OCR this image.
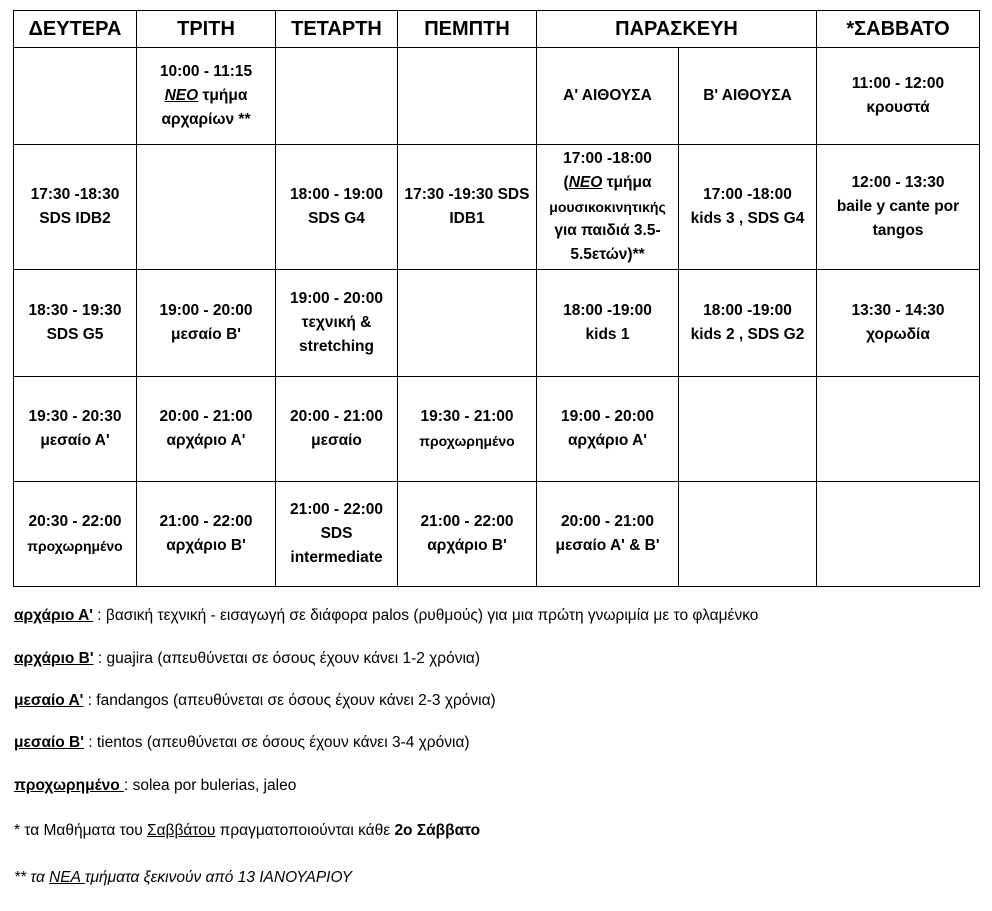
ΔΕΥΤΕΡΑ	ΤΡΙΤΗ	ΤΕΤΑΡΤΗ	ΠΕΜΠΤΗ	ΠΑΡΑΣΚΕΥΗ		*ΣΑΒΒΑΤΟ

	10:00 - 11:15
ΝΕΟ τμήμα
αρχαρίων **			Α' ΑΙΘΟΥΣΑ	Β' ΑΙΘΟΥΣΑ	11:00 - 12:00
κρουστά

17:30 -18:30
SDS IDB2		18:00 - 19:00
SDS G4	17:30 -19:30 SDS
IDB1	17:00 -18:00
(ΝΕΟ τμήμα
μουσικοκινητικής
για παιδιά 3.5-
5.5ετών)**	17:00 -18:00
kids 3 , SDS G4	12:00 - 13:30
baile y cante por
tangos

18:30 - 19:30
SDS G5	19:00 - 20:00
μεσαίο Β'	19:00 - 20:00
τεχνική &
stretching		18:00 -19:00
kids 1	18:00 -19:00
kids 2 , SDS G2	13:30 - 14:30
χορωδία

19:30 - 20:30
μεσαίο Α'	20:00 - 21:00
αρχάριο Α'	20:00 - 21:00
μεσαίο	19:30 - 21:00
προχωρημένο	19:00 - 20:00
αρχάριο Α'		

20:30 - 22:00
προχωρημένο	21:00 - 22:00
αρχάριο Β'	21:00 - 22:00
SDS
intermediate	21:00 - 22:00
αρχάριο Β'	20:00 - 21:00
μεσαίο Α' & Β'		

αρχάριο Α' : βασική τεχνική - εισαγωγή σε διάφορα palos (ρυθμούς) για μια πρώτη γνωριμία με το φλαμένκο
αρχάριο Β' : guajira (απευθύνεται σε όσους έχουν κάνει 1-2 χρόνια)
μεσαίο Α' : fandangos (απευθύνεται σε όσους έχουν κάνει 2-3 χρόνια)
μεσαίο Β' : tientos (απευθύνεται σε όσους έχουν κάνει 3-4 χρόνια)
προχωρημένο : solea por bulerias, jaleo
* τα Μαθήματα του Σαββάτου πραγματοποιούνται κάθε 2ο Σάββατο
** τα ΝΕΑ τμήματα ξεκινούν από 13 ΙΑΝΟΥΑΡΙΟΥ
